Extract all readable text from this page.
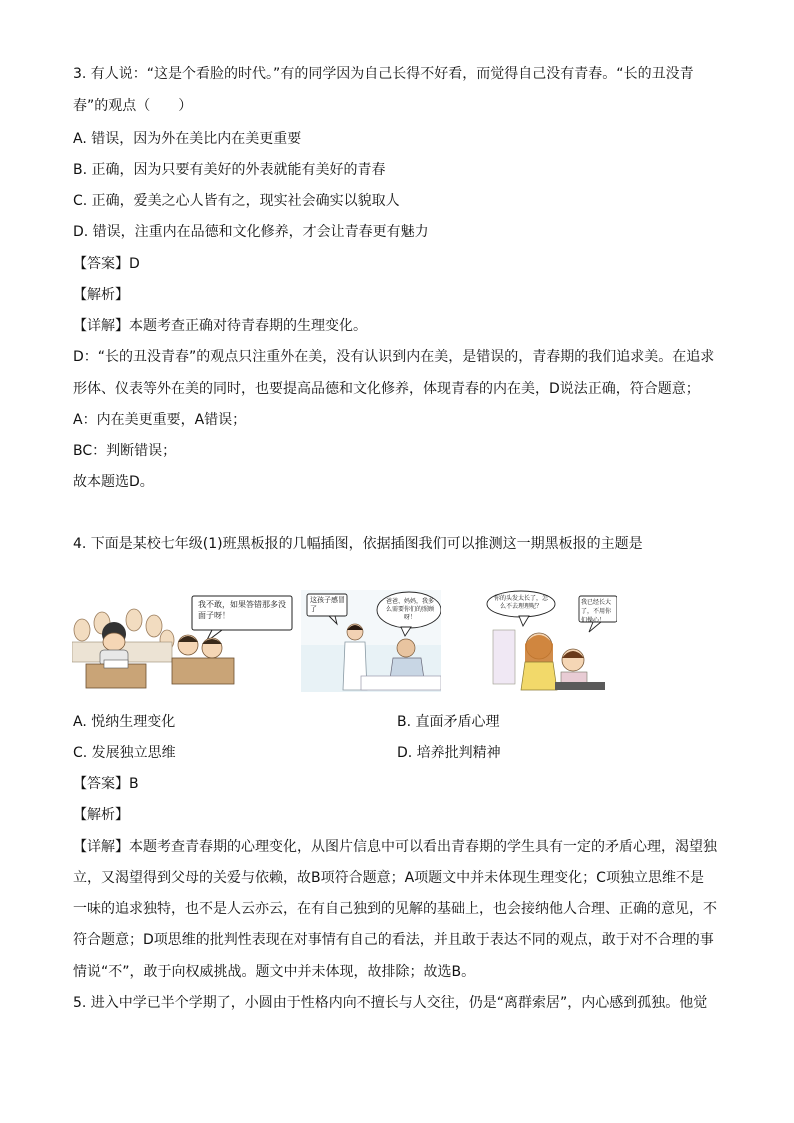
3. 有人说：“这是个看脸的时代。”有的同学因为自己长得不好看，而觉得自己没有青春。“长的丑没青
春”的观点（　　）
A. 错误，因为外在美比内在美更重要
B. 正确，因为只要有美好的外表就能有美好的青春
C. 正确，爱美之心人皆有之，现实社会确实以貌取人
D. 错误，注重内在品德和文化修养，才会让青春更有魅力
【答案】D
【解析】
【详解】本题考查正确对待青春期的生理变化。
D：“长的丑没青春”的观点只注重外在美，没有认识到内在美，是错误的，青春期的我们追求美。在追求
形体、仪表等外在美的同时，也要提高品德和文化修养，体现青春的内在美，D说法正确，符合题意；
A：内在美更重要，A错误；
BC：判断错误；
故本题选D。
4. 下面是某校七年级(1)班黑板报的几幅插图，依据插图我们可以推测这一期黑板报的主题是
我不敢，如果答错那多没面子呀！
这孩子感冒了
爸爸、妈妈，我多么需要你们的照顾呀！
你的头发太长了，怎么不去理理呢？
我已经长大了，不用你们操心！
A. 悦纳生理变化	B. 直面矛盾心理
C. 发展独立思维	D. 培养批判精神
【答案】B
【解析】
【详解】本题考查青春期的心理变化，从图片信息中可以看出青春期的学生具有一定的矛盾心理，渴望独
立，又渴望得到父母的关爱与依赖，故B项符合题意；A项题文中并未体现生理变化；C项独立思维不是
一味的追求独特，也不是人云亦云，在有自己独到的见解的基础上，也会接纳他人合理、正确的意见，不
符合题意；D项思维的批判性表现在对事情有自己的看法，并且敢于表达不同的观点，敢于对不合理的事
情说“不”，敢于向权威挑战。题文中并未体现，故排除；故选B。
5. 进入中学已半个学期了，小圆由于性格内向不擅长与人交往，仍是“离群索居”，内心感到孤独。他觉
